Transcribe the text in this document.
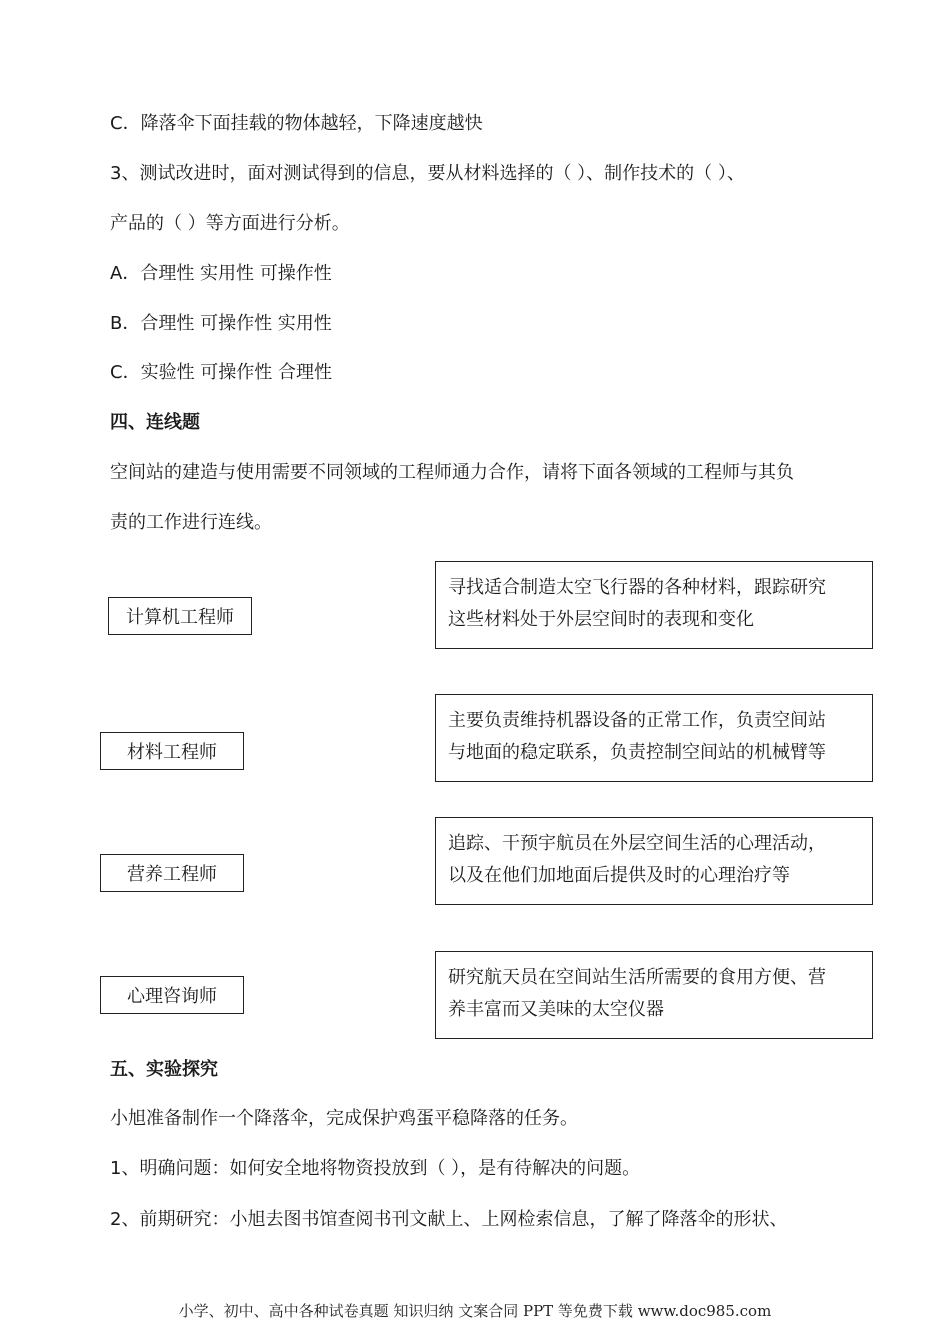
C．降落伞下面挂载的物体越轻，下降速度越快
3、测试改进时，面对测试得到的信息，要从材料选择的（ ）、制作技术的（ ）、
产品的（ ）等方面进行分析。
A．合理性 实用性 可操作性
B．合理性 可操作性 实用性
C．实验性 可操作性 合理性
四、连线题
空间站的建造与使用需要不同领域的工程师通力合作，请将下面各领域的工程师与其负
责的工作进行连线。
计算机工程师
材料工程师
营养工程师
心理咨询师
寻找适合制造太空飞行器的各种材料，跟踪研究
这些材料处于外层空间时的表现和变化
主要负责维持机器设备的正常工作，负责空间站
与地面的稳定联系，负责控制空间站的机械臂等
追踪、干预宇航员在外层空间生活的心理活动，
以及在他们加地面后提供及时的心理治疗等
研究航天员在空间站生活所需要的食用方便、营
养丰富而又美味的太空仪器
五、实验探究
小旭准备制作一个降落伞，完成保护鸡蛋平稳降落的任务。
1、明确问题：如何安全地将物资投放到（ ），是有待解决的问题。
2、前期研究：小旭去图书馆查阅书刊文献上、上网检索信息，了解了降落伞的形状、
小学、初中、高中各种试卷真题 知识归纳 文案合同 PPT 等免费下载 www.doc985.com
